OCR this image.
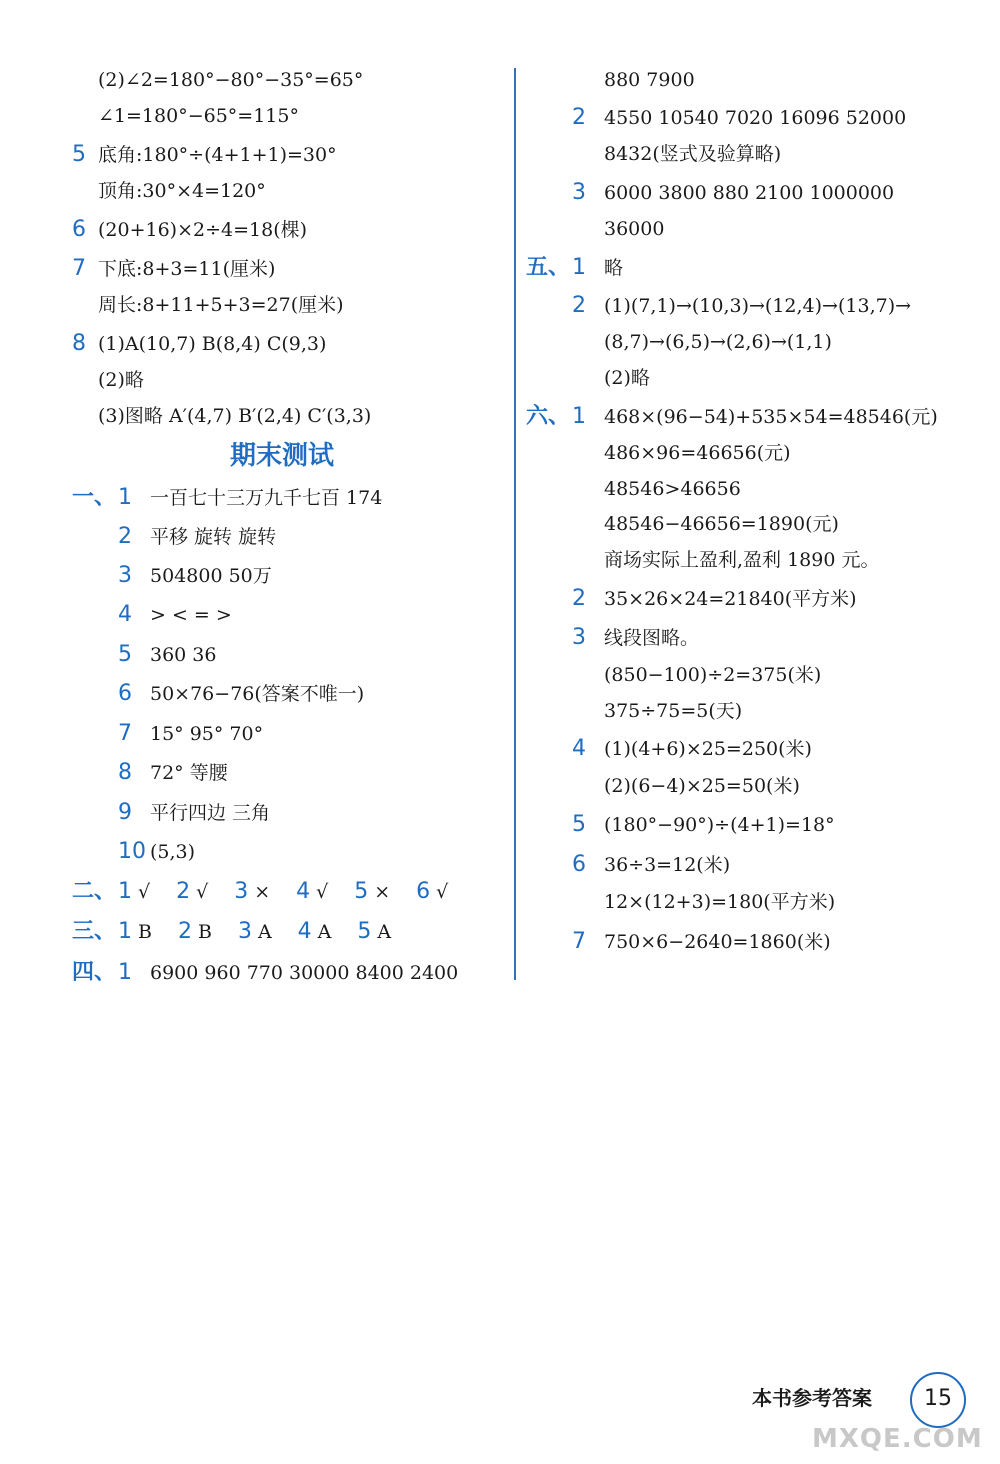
(2)∠2=180°−80°−35°=65°
∠1=180°−65°=115°
5 底角:180°÷(4+1+1)=30°
顶角:30°×4=120°
6 (20+16)×2÷4=18(棵)
7 下底:8+3=11(厘米)
周长:8+11+5+3=27(厘米)
8 (1)A(10,7) B(8,4) C(9,3)
(2)略
(3)图略 A′(4,7) B′(2,4) C′(3,3)
一、1 一百七十三万九千七百 174
2 平移 旋转 旋转
3 504800 50万
4 > < = >
5 360 36
6 50×76−76(答案不唯一)
7 15° 95° 70°
8 72° 等腰
9 平行四边 三角
10 (5,3)
二、1 √ 2 √ 3 × 4 √ 5 × 6 √
三、1 B 2 B 3 A 4 A 5 A
四、1 6900 960 770 30000 8400 2400
880 7900
2 4550 10540 7020 16096 52000
8432(竖式及验算略)
3 6000 3800 880 2100 1000000
36000
五、1 略
2 (1)(7,1)→(10,3)→(12,4)→(13,7)→
(8,7)→(6,5)→(2,6)→(1,1)
(2)略
六、1 468×(96−54)+535×54=48546(元)
486×96=46656(元)
48546>46656
48546−46656=1890(元)
商场实际上盈利,盈利 1890 元。
2 35×26×24=21840(平方米)
3 线段图略。
(850−100)÷2=375(米)
375÷75=5(天)
4 (1)(4+6)×25=250(米)
(2)(6−4)×25=50(米)
5 (180°−90°)÷(4+1)=18°
6 36÷3=12(米)
12×(12+3)=180(平方米)
7 750×6−2640=1860(米)
期末测试
本书参考答案	15
MXQE.COM
